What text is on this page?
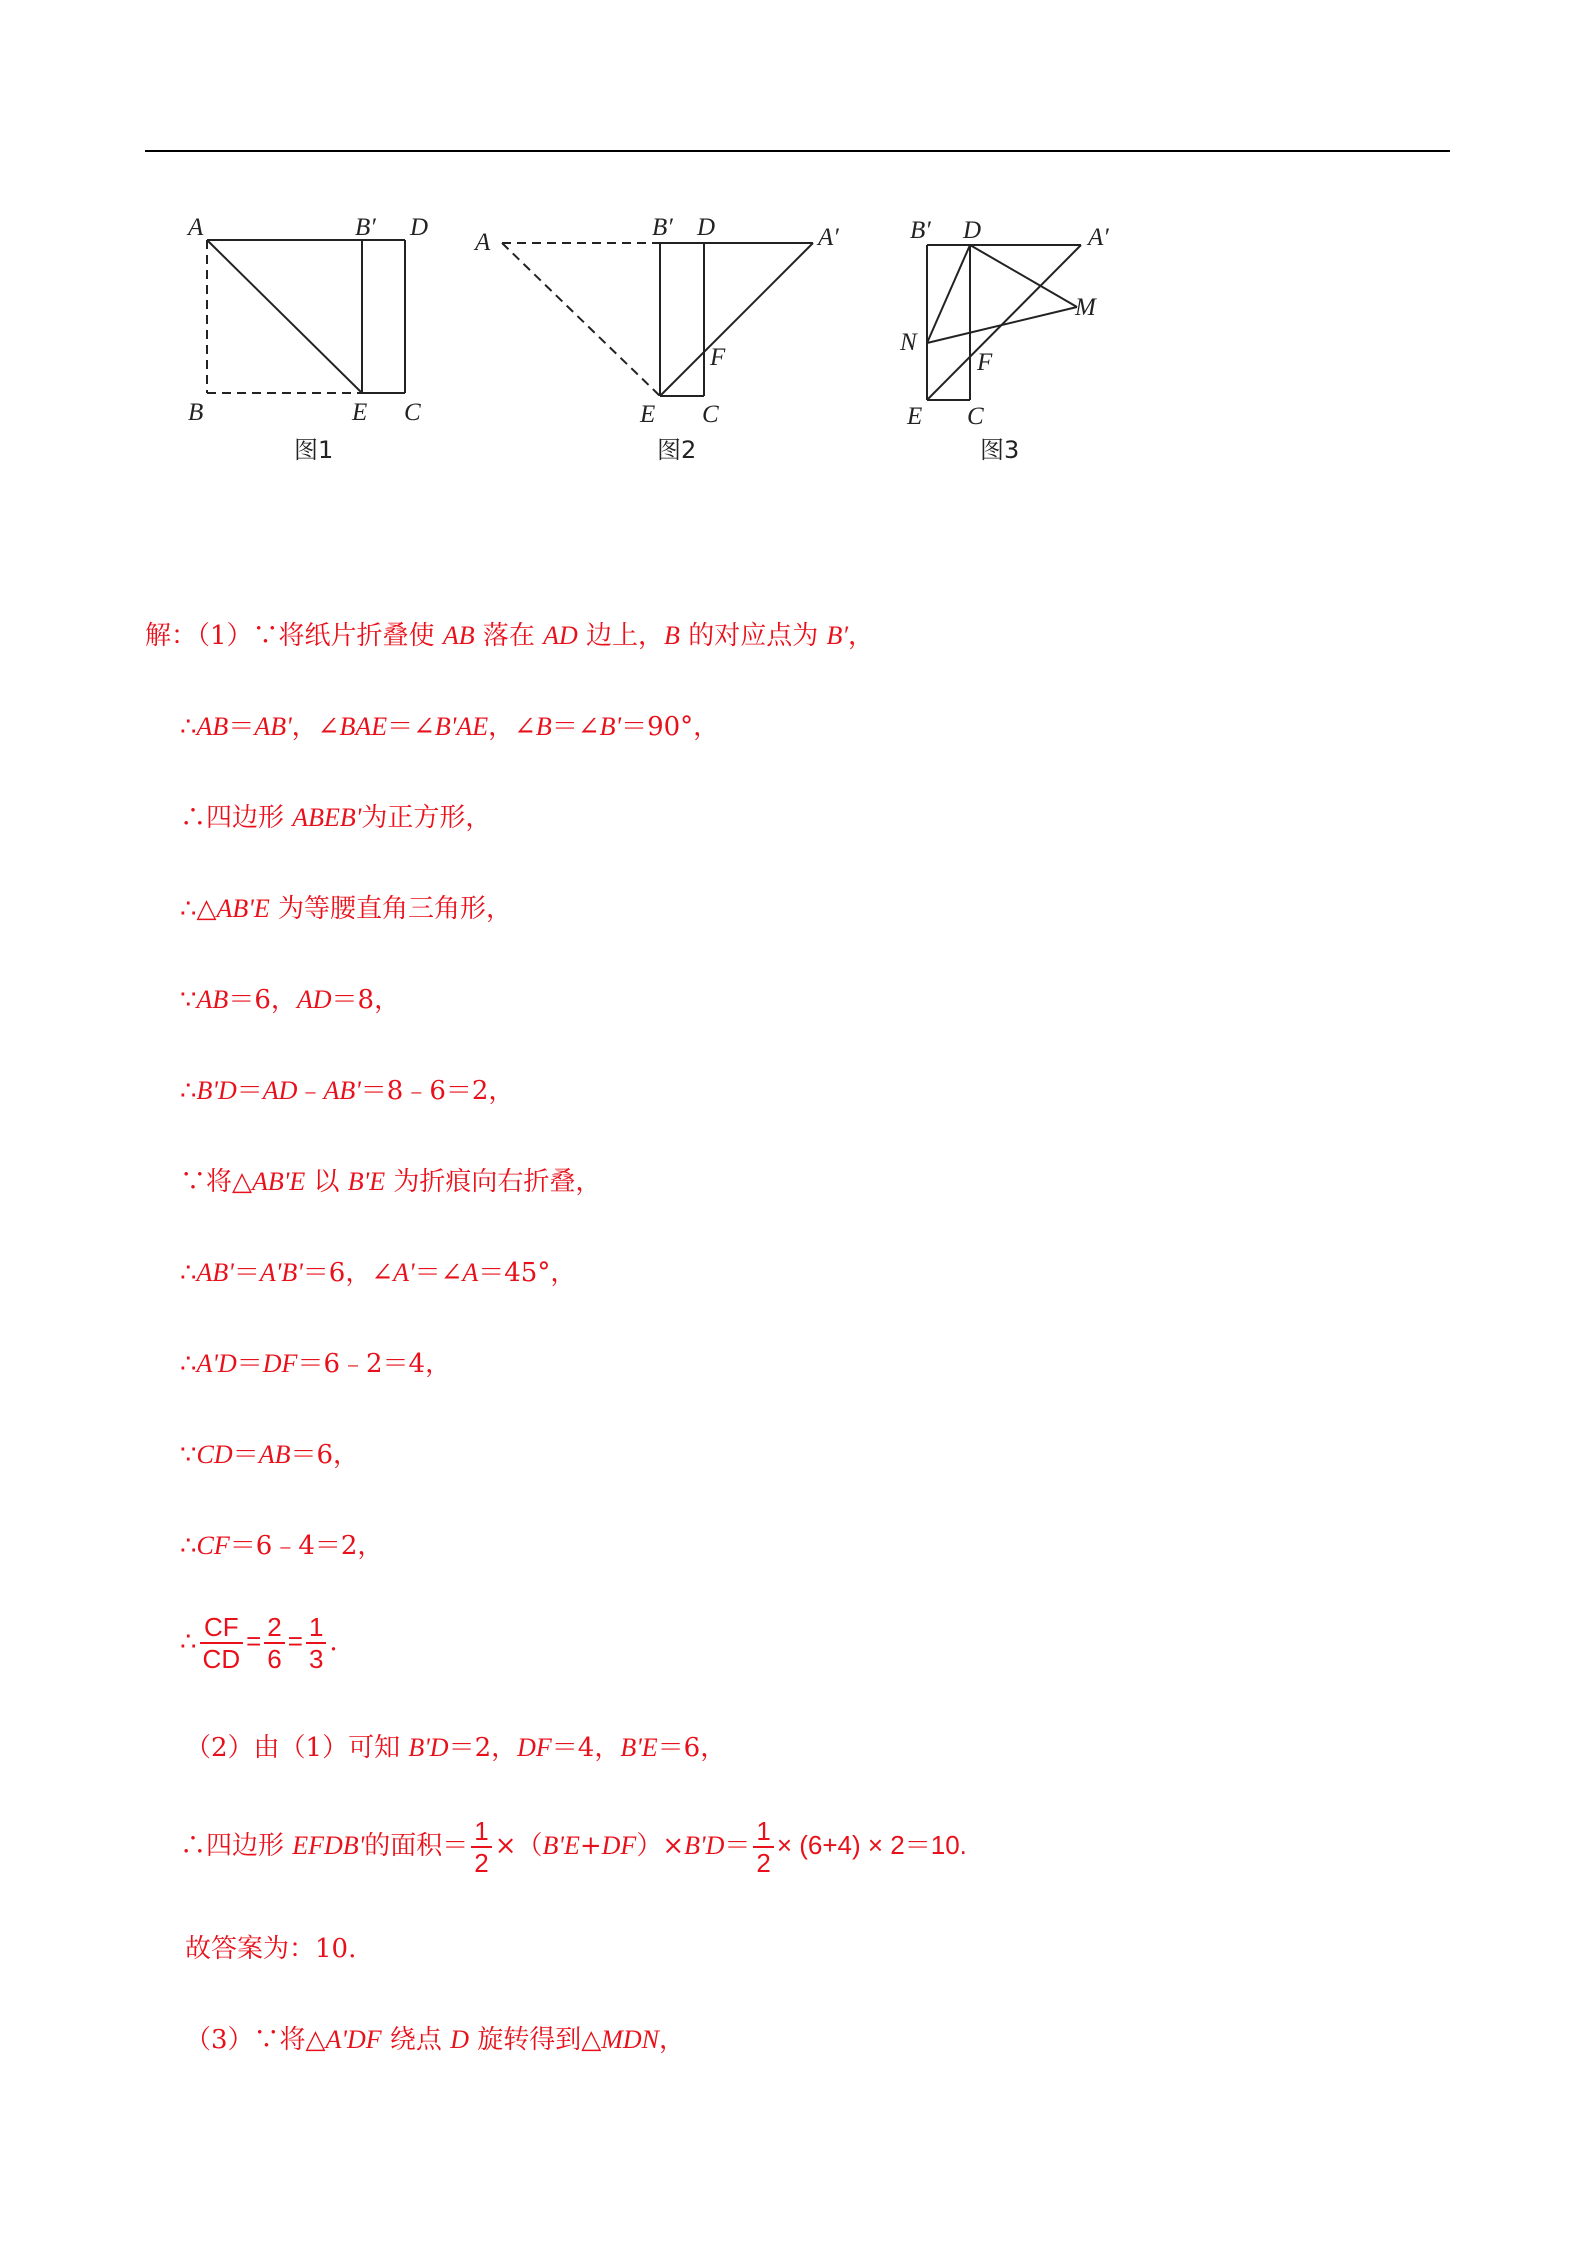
A	B′ D
B	E C
图1
A
B′ D	A′
F
E C
图2
B′ D	A′
M
N
F
E C
图3
解：（1）∵将纸片折叠使 AB 落在 AD 边上，B 的对应点为 B′，
∴AB＝AB'，∠BAE＝∠B'AE，∠B＝∠B'＝90°，
∴四边形 ABEB'为正方形，
∴△AB'E 为等腰直角三角形，
∵AB＝6，AD＝8，
∴B'D＝AD﹣AB'＝8﹣6＝2，
∵将△AB'E 以 B'E 为折痕向右折叠，
∴AB'＝A'B'＝6，∠A'＝∠A＝45°，
∴A'D＝DF＝6﹣2＝4，
∵CD＝AB＝6，
∴CF＝6﹣4＝2，
∴ $\frac{CF}{CD} = \frac{2}{6} = \frac{1}{3}$ .
（2）由（1）可知 B'D＝2，DF＝4，B'E＝6，
∴四边形 EFDB'的面积＝ $\frac{1}{2} \times(B'E+DF)\times B'D= \frac{1}{2} \times (6+4) \times 2=10$.
故答案为：10.
（3）∵将△A'DF 绕点 D 旋转得到△MDN，
